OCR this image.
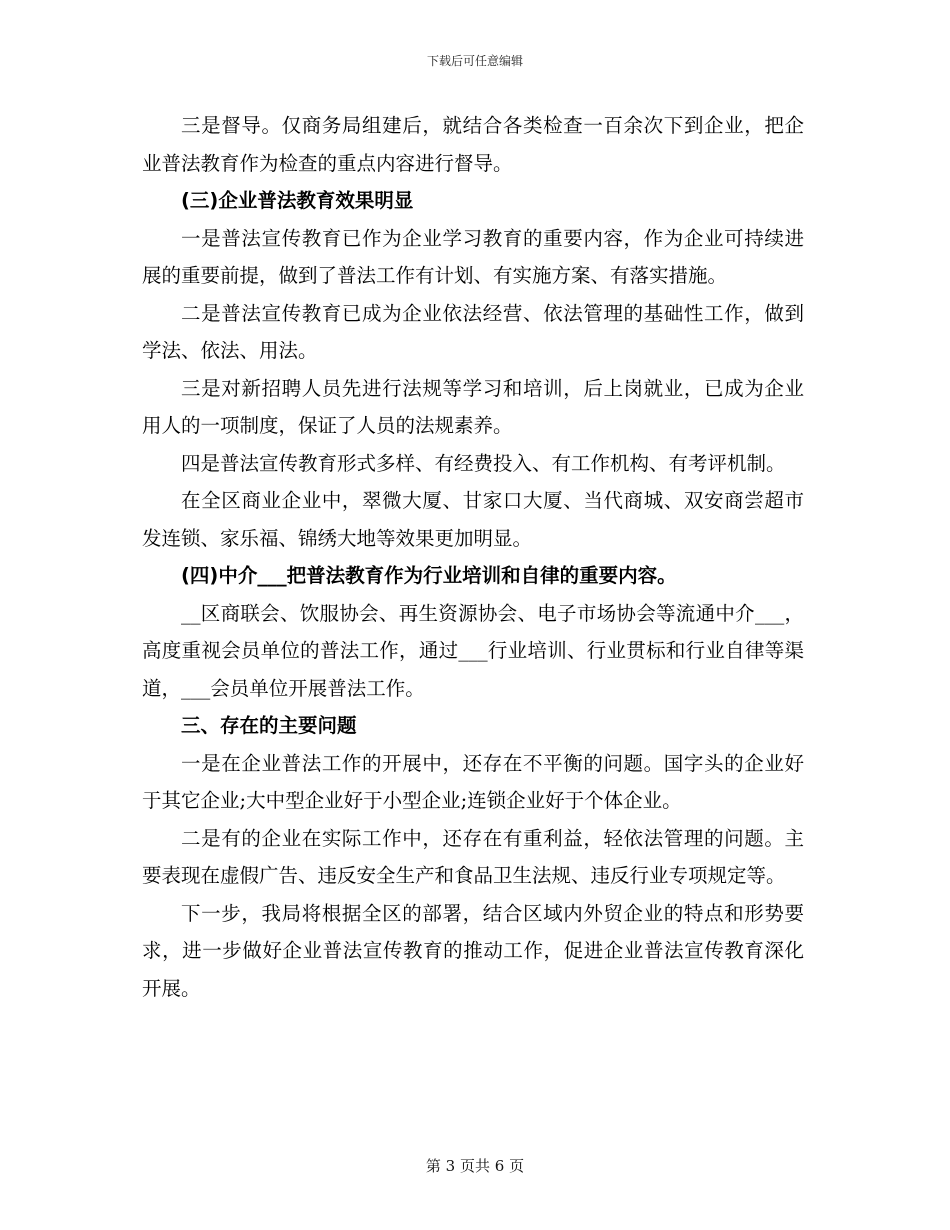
下载后可任意编辑

三是督导。仅商务局组建后，就结合各类检查一百余次下到企业，把企业普法教育作为检查的重点内容进行督导。

(三)企业普法教育效果明显

一是普法宣传教育已作为企业学习教育的重要内容，作为企业可持续进展的重要前提，做到了普法工作有计划、有实施方案、有落实措施。

二是普法宣传教育已成为企业依法经营、依法管理的基础性工作，做到学法、依法、用法。

三是对新招聘人员先进行法规等学习和培训，后上岗就业，已成为企业用人的一项制度，保证了人员的法规素养。

四是普法宣传教育形式多样、有经费投入、有工作机构、有考评机制。

在全区商业企业中，翠微大厦、甘家口大厦、当代商城、双安商尝超市发连锁、家乐福、锦绣大地等效果更加明显。

(四)中介___把普法教育作为行业培训和自律的重要内容。

__区商联会、饮服协会、再生资源协会、电子市场协会等流通中介___，高度重视会员单位的普法工作，通过___行业培训、行业贯标和行业自律等渠道，___会员单位开展普法工作。

三、存在的主要问题

一是在企业普法工作的开展中，还存在不平衡的问题。国字头的企业好于其它企业;大中型企业好于小型企业;连锁企业好于个体企业。

二是有的企业在实际工作中，还存在有重利益，轻依法管理的问题。主要表现在虚假广告、违反安全生产和食品卫生法规、违反行业专项规定等。

下一步，我局将根据全区的部署，结合区域内外贸企业的特点和形势要求，进一步做好企业普法宣传教育的推动工作，促进企业普法宣传教育深化开展。

第 3 页共 6 页
